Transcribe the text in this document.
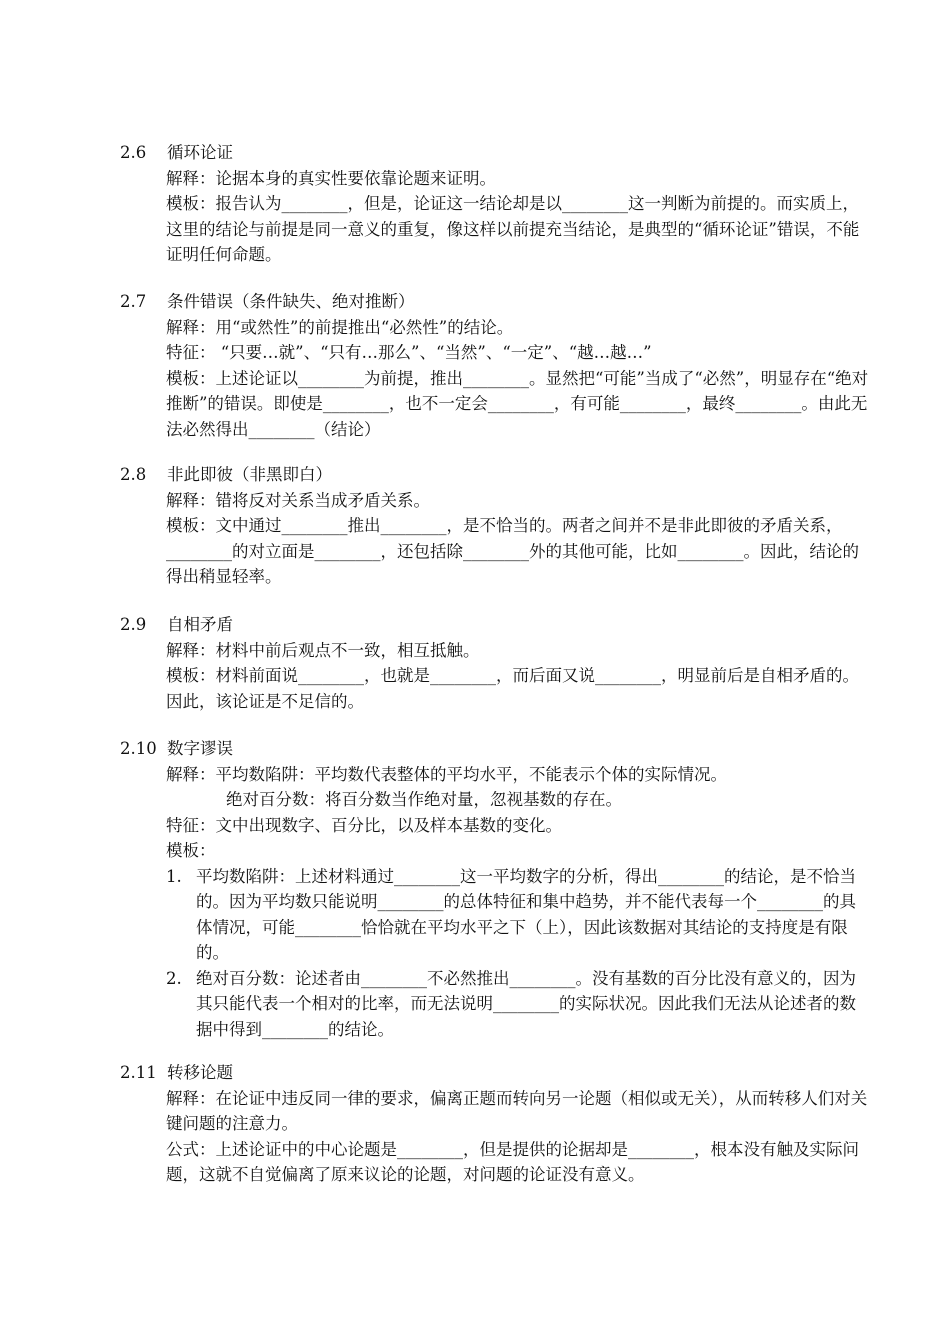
2.6	循环论证
解释：论据本身的真实性要依靠论题来证明。
模板：报告认为________，但是，论证这一结论却是以________这一判断为前提的。而实质上，这里的结论与前提是同一意义的重复，像这样以前提充当结论，是典型的“循环论证”错误，不能证明任何命题。
2.7	条件错误（条件缺失、绝对推断）
解释：用“或然性”的前提推出“必然性”的结论。
特征： “只要…就”、“只有…那么”、“当然”、“一定”、“越…越…”
模板：上述论证以________为前提，推出________。显然把“可能”当成了“必然”，明显存在“绝对推断”的错误。即使是________，也不一定会________，有可能________，最终________。由此无法必然得出________（结论）
2.8	非此即彼（非黑即白）
解释：错将反对关系当成矛盾关系。
模板：文中通过________推出________，是不恰当的。两者之间并不是非此即彼的矛盾关系，________的对立面是________，还包括除________外的其他可能，比如________。因此，结论的得出稍显轻率。
2.9	自相矛盾
解释：材料中前后观点不一致，相互抵触。
模板：材料前面说________，也就是________，而后面又说________，明显前后是自相矛盾的。因此，该论证是不足信的。
2.10 数字谬误
解释：平均数陷阱：平均数代表整体的平均水平，不能表示个体的实际情况。
绝对百分数：将百分数当作绝对量，忽视基数的存在。
特征：文中出现数字、百分比，以及样本基数的变化。
模板：
1. 平均数陷阱：上述材料通过________这一平均数字的分析，得出________的结论，是不恰当的。因为平均数只能说明________的总体特征和集中趋势，并不能代表每一个________的具体情况，可能________恰恰就在平均水平之下（上），因此该数据对其结论的支持度是有限的。
2. 绝对百分数：论述者由________不必然推出________。没有基数的百分比没有意义的，因为其只能代表一个相对的比率，而无法说明________的实际状况。因此我们无法从论述者的数据中得到________的结论。
2.11 转移论题
解释：在论证中违反同一律的要求，偏离正题而转向另一论题（相似或无关），从而转移人们对关键问题的注意力。
公式：上述论证中的中心论题是________，但是提供的论据却是________，根本没有触及实际问题，这就不自觉偏离了原来议论的论题，对问题的论证没有意义。
